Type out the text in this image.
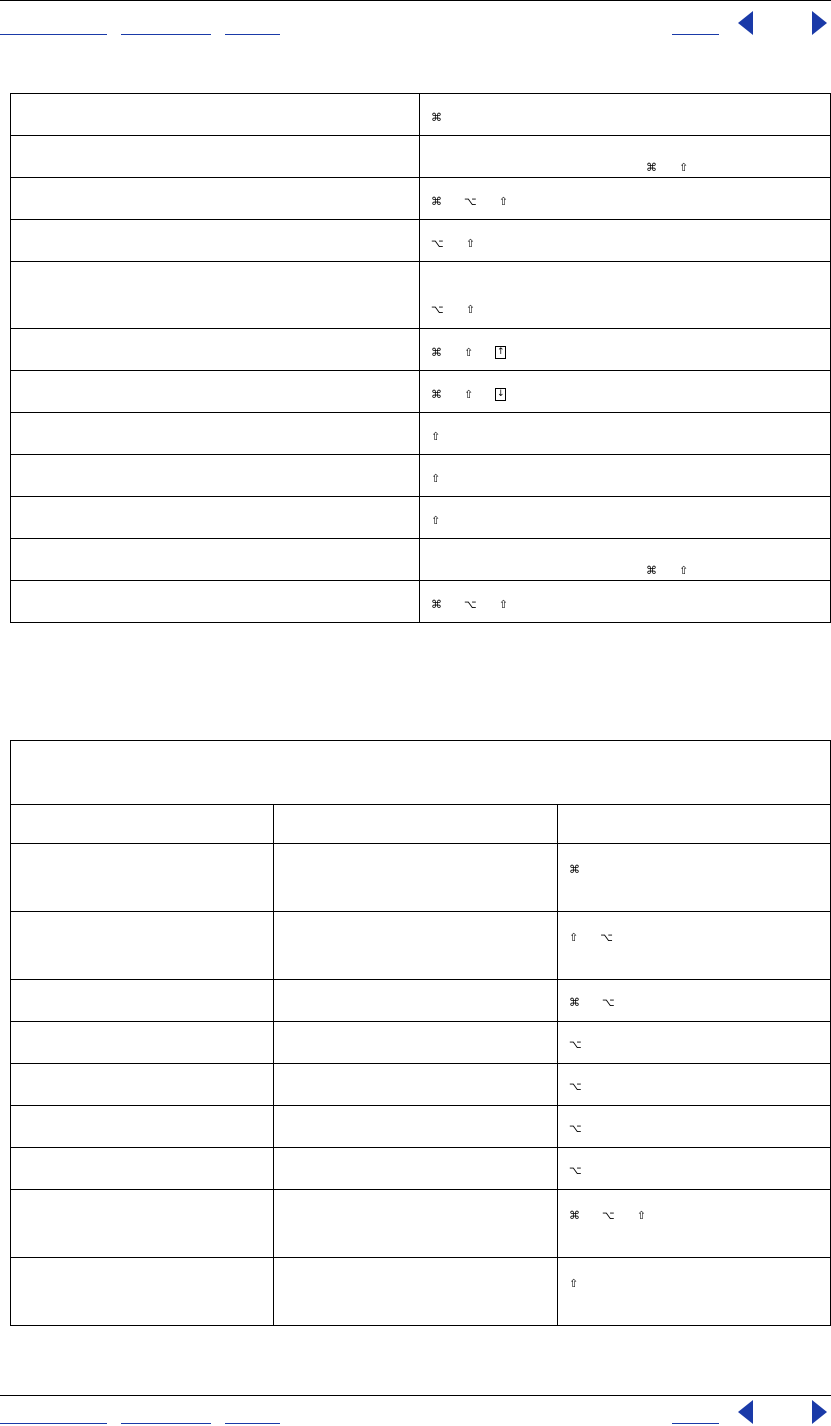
	⌘
	⌘ ⇧
	⌘ ⌥ ⇧
	⌥ ⇧
	⌥ ⇧
	⌘ ⇧ ↑
	⌘ ⇧ ↓
	⇧
	⇧
	⇧
	⌘ ⇧
	⌘ ⌥ ⇧

		⌘
		⇧ ⌥
		⌘ ⌥
		⌥
		⌥
		⌥
		⌥
		⌘ ⌥ ⇧
		⇧
